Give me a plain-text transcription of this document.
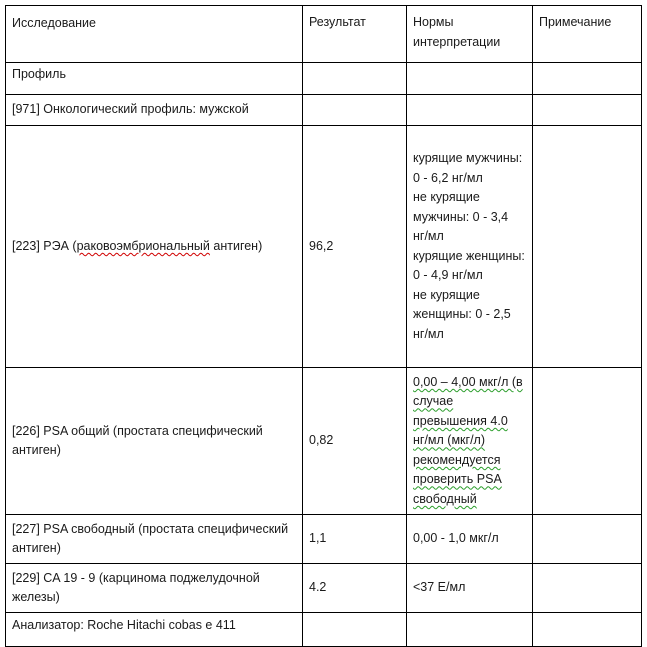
Исследование	Результат	Нормы интерпретации	Примечание
Профиль			
[971] Онкологический профиль: мужской			
[223] РЭА (раковоэмбриональный антиген)	96,2	курящие мужчины: 0 - 6,2 нг/мл
не курящие мужчины: 0 - 3,4 нг/мл
курящие женщины: 0 - 4,9 нг/мл
не курящие женщины: 0 - 2,5 нг/мл	

[226] PSA общий (простата специфический антиген)	0,82	0,00 – 4,00 мкг/л (в случае превышения 4.0 нг/мл (мкг/л) рекомендуется проверить PSA свободный	
[227] PSA свободный (простата специфический антиген)	1,1	0,00 - 1,0 мкг/л	
[229] CA 19 - 9 (карцинома поджелудочной железы)	4.2	<37 Е/мл	
Анализатор: Roche Hitachi cobas e 411			
